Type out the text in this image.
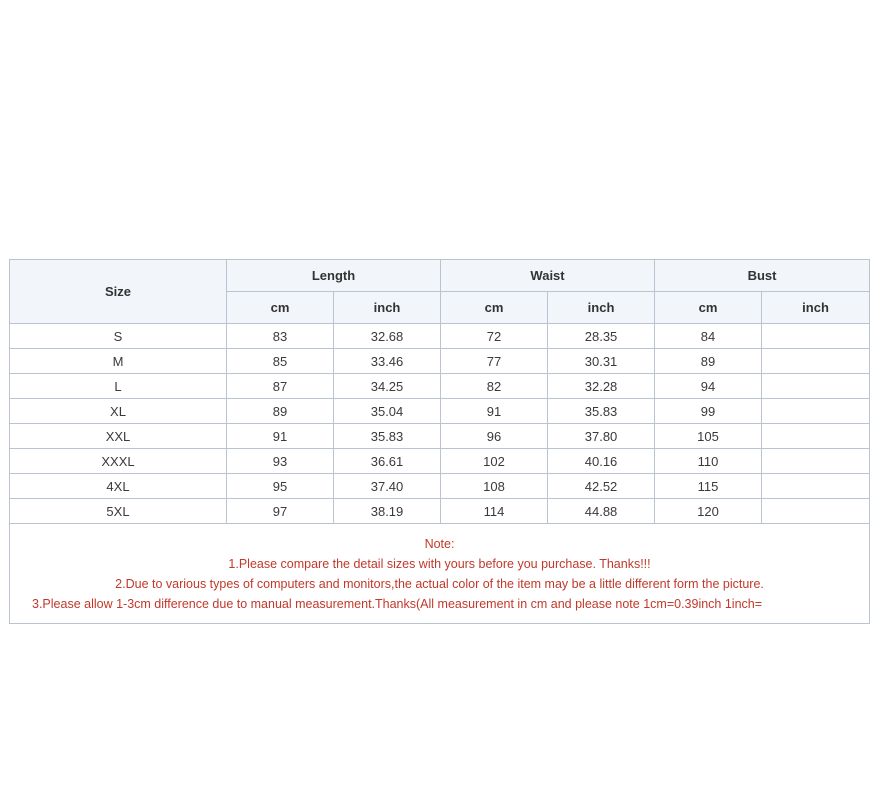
Size	Length		Waist		Bust	
	cm	inch	cm	inch	cm	inch
S	83	32.68	72	28.35	84	
M	85	33.46	77	30.31	89	
L	87	34.25	82	32.28	94	
XL	89	35.04	91	35.83	99	
XXL	91	35.83	96	37.80	105	
XXXL	93	36.61	102	40.16	110	
4XL	95	37.40	108	42.52	115	
5XL	97	38.19	114	44.88	120	

Note:
1.Please compare the detail sizes with yours before you purchase. Thanks!!!
2.Due to various types of computers and monitors,the actual color of the item may be a little different form the picture.
3.Please allow 1-3cm difference due to manual measurement.Thanks(All measurement in cm and please note 1cm=0.39inch 1inch=						
